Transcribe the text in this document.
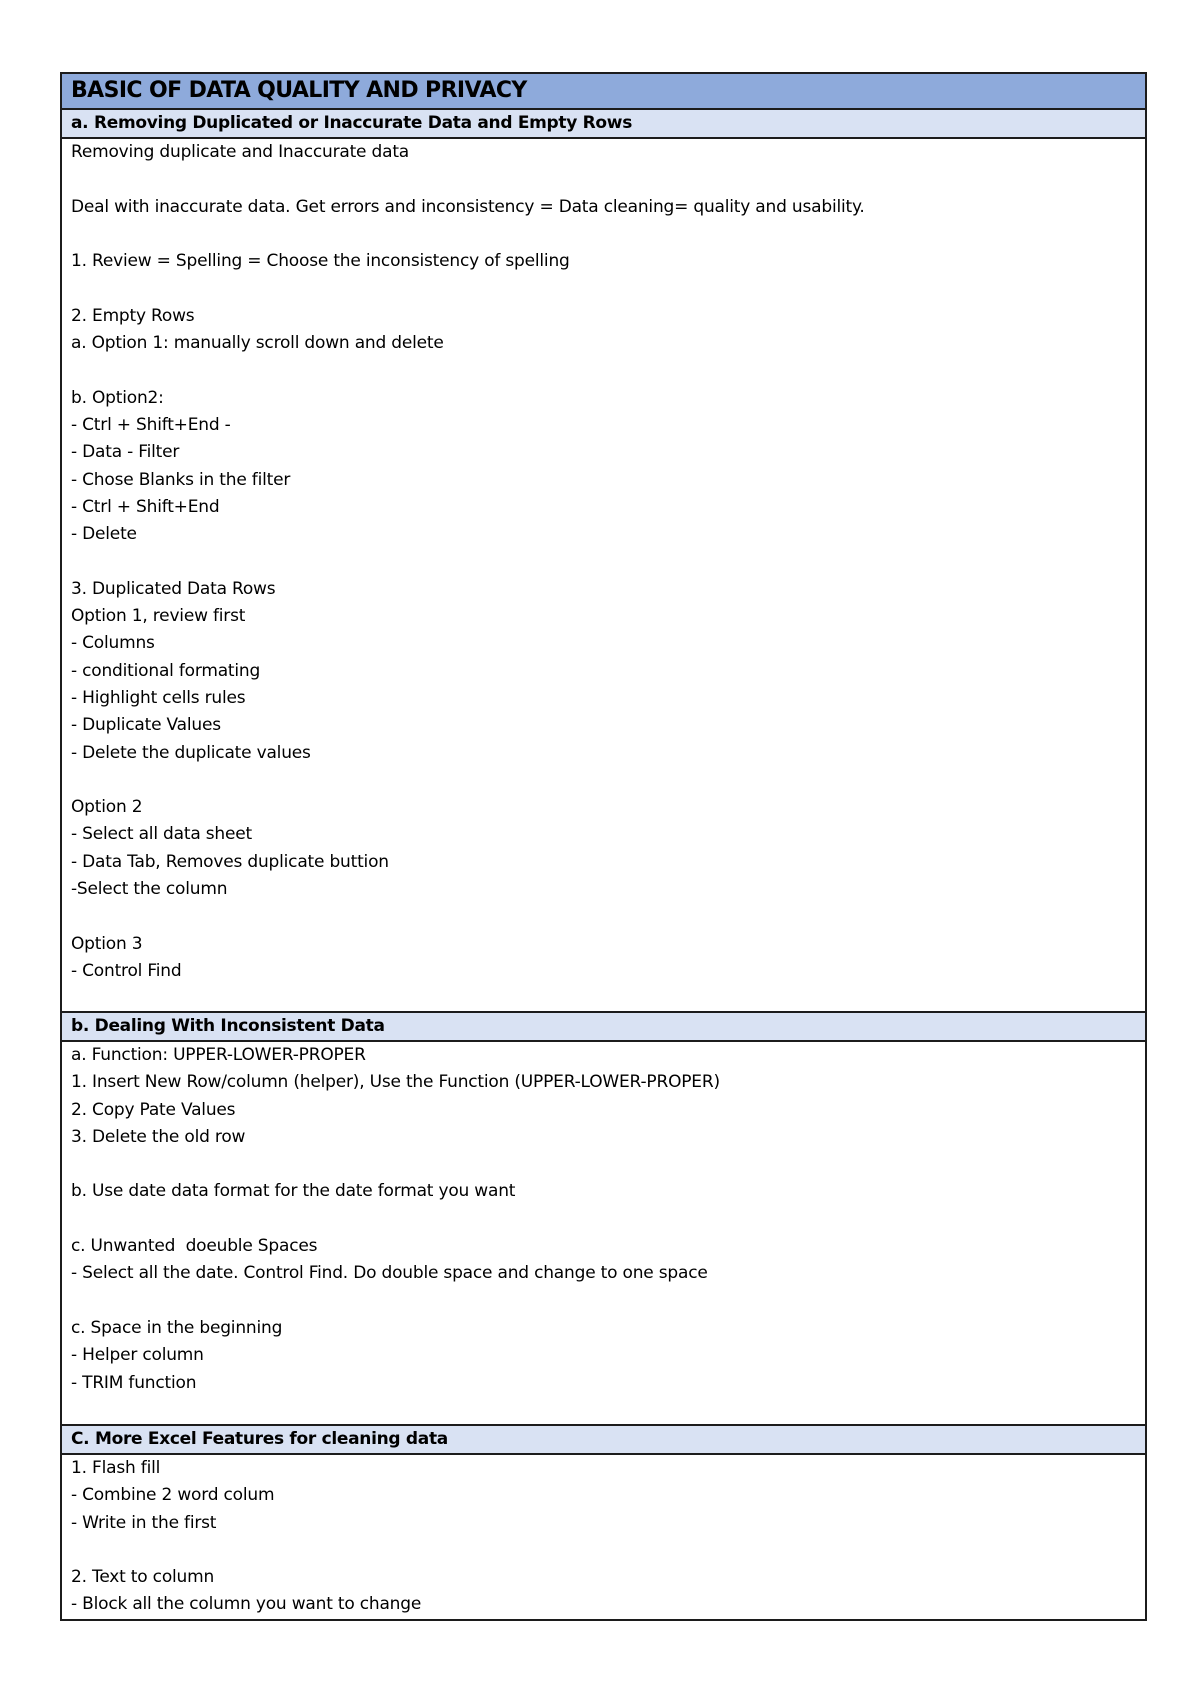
BASIC OF DATA QUALITY AND PRIVACY
a. Removing Duplicated or Inaccurate Data and Empty Rows
Removing duplicate and Inaccurate data
Deal with inaccurate data. Get errors and inconsistency = Data cleaning= quality and usability.
1. Review = Spelling = Choose the inconsistency of spelling
2. Empty Rows
a. Option 1: manually scroll down and delete
b. Option2:
- Ctrl + Shift+End -
- Data - Filter
- Chose Blanks in the filter
- Ctrl + Shift+End
- Delete
3. Duplicated Data Rows
Option 1, review first
- Columns
- conditional formating
- Highlight cells rules
- Duplicate Values
- Delete the duplicate values
Option 2
- Select all data sheet
- Data Tab, Removes duplicate buttion
-Select the column
Option 3
- Control Find
b. Dealing With Inconsistent Data
a. Function: UPPER-LOWER-PROPER
1. Insert New Row/column (helper), Use the Function (UPPER-LOWER-PROPER)
2. Copy Pate Values
3. Delete the old row
b. Use date data format for the date format you want
c. Unwanted  doeuble Spaces
- Select all the date. Control Find. Do double space and change to one space
c. Space in the beginning
- Helper column
- TRIM function
C. More Excel Features for cleaning data
1. Flash fill
- Combine 2 word colum
- Write in the first
2. Text to column
- Block all the column you want to change
